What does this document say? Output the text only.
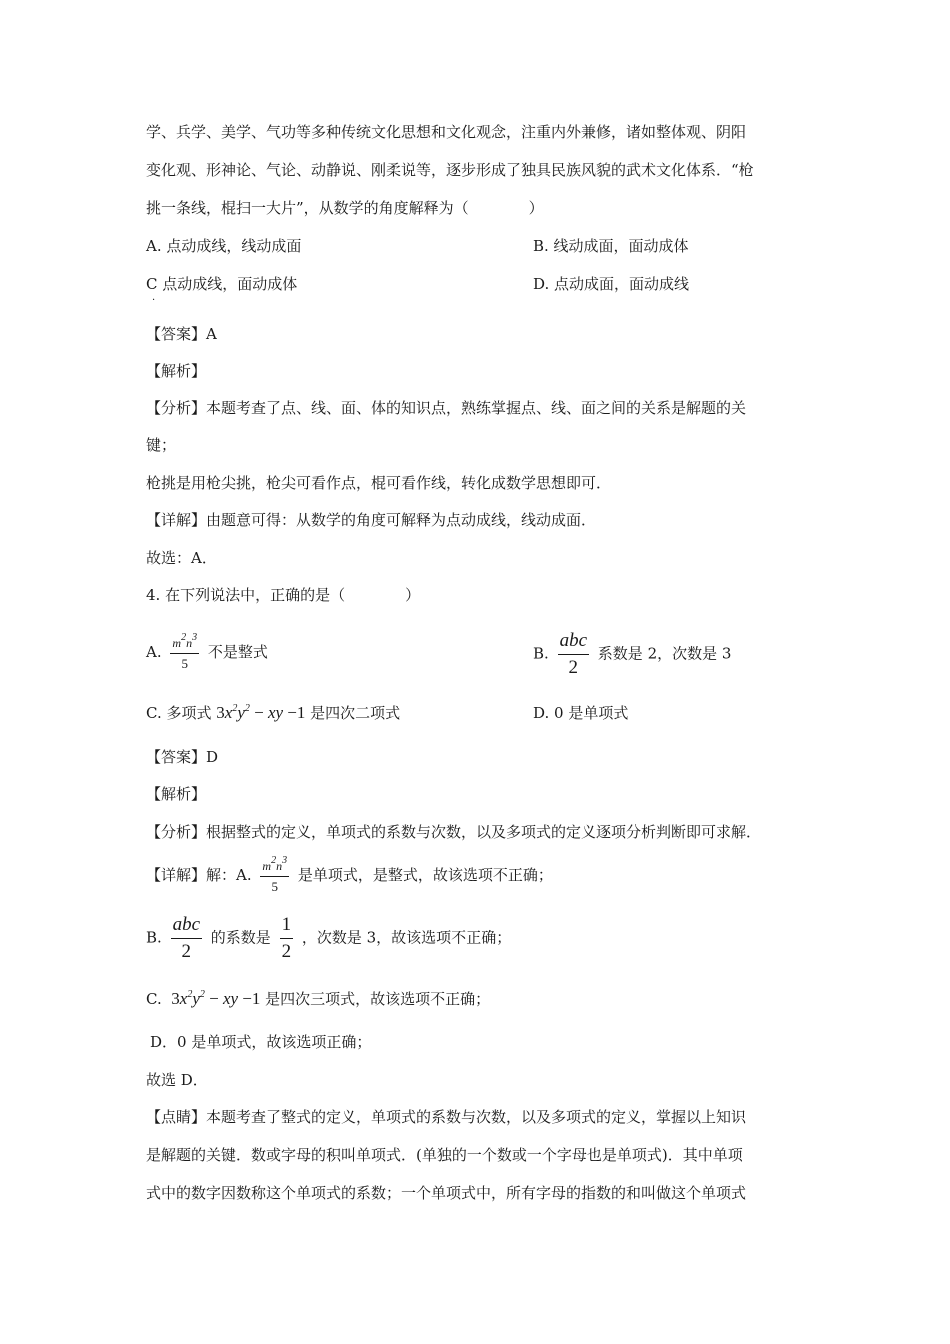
学、兵学、美学、气功等多种传统文化思想和文化观念，注重内外兼修，诸如整体观、阴阳
变化观、形神论、气论、动静说、刚柔说等，逐步形成了独具民族风貌的武术文化体系．“枪
挑一条线，棍扫一大片”，从数学的角度解释为（　　　　）
A. 点动成线，线动成面	B. 线动成面，面动成体
C 点动成线，面动成体	D. 点动成面，面动成线
·
【答案】A
【解析】
【分析】本题考查了点、线、面、体的知识点，熟练掌握点、线、面之间的关系是解题的关
键；
枪挑是用枪尖挑，枪尖可看作点，棍可看作线，转化成数学思想即可．
【详解】由题意可得：从数学的角度可解释为点动成线，线动成面．
故选：A．
4. 在下列说法中，正确的是（　　　　）
A. $\frac{m^2n^3}{5}$ 不是整式	B. $\frac{\text{abc}}{2}$ 系数是 2，次数是 3
C. 多项式 $3x^2y^2$ − xy −1 是四次二项式	D. 0 是单项式
【答案】D
【解析】
【分析】根据整式的定义，单项式的系数与次数，以及多项式的定义逐项分析判断即可求解．
【详解】解：A. $\frac{m^2n^3}{5}$ 是单项式，是整式，故该选项不正确；
B. $\frac{\text{abc}}{2}$ 的系数是 $\frac{1}{2}$ ，次数是 3，故该选项不正确；
C. $3x^2y^2$ − xy −1 是四次三项式，故该选项不正确；
D．0 是单项式，故该选项正确；
故选 D．
【点睛】本题考查了整式的定义，单项式的系数与次数，以及多项式的定义，掌握以上知识
是解题的关键．数或字母的积叫单项式．(单独的一个数或一个字母也是单项式)．其中单项
式中的数字因数称这个单项式的系数；一个单项式中，所有字母的指数的和叫做这个单项式
